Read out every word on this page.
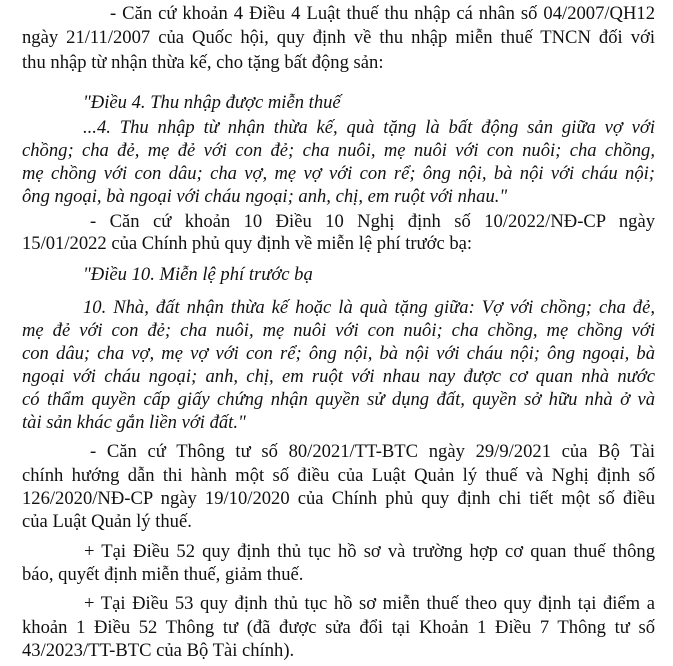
- Căn cứ khoản 4 Điều 4 Luật thuế thu nhập cá nhân số 04/2007/QH12
ngày 21/11/2007 của Quốc hội, quy định về thu nhập miễn thuế TNCN đối với
thu nhập từ nhận thừa kế, cho tặng bất động sản:
"Điều 4. Thu nhập được miễn thuế
...4. Thu nhập từ nhận thừa kế, quà tặng là bất động sản giữa vợ với
chồng; cha đẻ, mẹ đẻ với con đẻ; cha nuôi, mẹ nuôi với con nuôi; cha chồng,
mẹ chồng với con dâu; cha vợ, mẹ vợ với con rể; ông nội, bà nội với cháu nội;
ông ngoại, bà ngoại với cháu ngoại; anh, chị, em ruột với nhau."
- Căn cứ khoản 10 Điều 10 Nghị định số 10/2022/NĐ-CP ngày
15/01/2022 của Chính phủ quy định về miễn lệ phí trước bạ:
"Điều 10. Miễn lệ phí trước bạ
10. Nhà, đất nhận thừa kế hoặc là quà tặng giữa: Vợ với chồng; cha đẻ,
mẹ đẻ với con đẻ; cha nuôi, mẹ nuôi với con nuôi; cha chồng, mẹ chồng với
con dâu; cha vợ, mẹ vợ với con rể; ông nội, bà nội với cháu nội; ông ngoại, bà
ngoại với cháu ngoại; anh, chị, em ruột với nhau nay được cơ quan nhà nước
có thẩm quyền cấp giấy chứng nhận quyền sử dụng đất, quyền sở hữu nhà ở và
tài sản khác gắn liền với đất."
- Căn cứ Thông tư số 80/2021/TT-BTC ngày 29/9/2021 của Bộ Tài
chính hướng dẫn thi hành một số điều của Luật Quản lý thuế và Nghị định số
126/2020/NĐ-CP ngày 19/10/2020 của Chính phủ quy định chi tiết một số điều
của Luật Quản lý thuế.
+ Tại Điều 52 quy định thủ tục hồ sơ và trường hợp cơ quan thuế thông
báo, quyết định miễn thuế, giảm thuế.
+ Tại Điều 53 quy định thủ tục hồ sơ miễn thuế theo quy định tại điểm a
khoản 1 Điều 52 Thông tư (đã được sửa đổi tại Khoản 1 Điều 7 Thông tư số
43/2023/TT-BTC của Bộ Tài chính).
